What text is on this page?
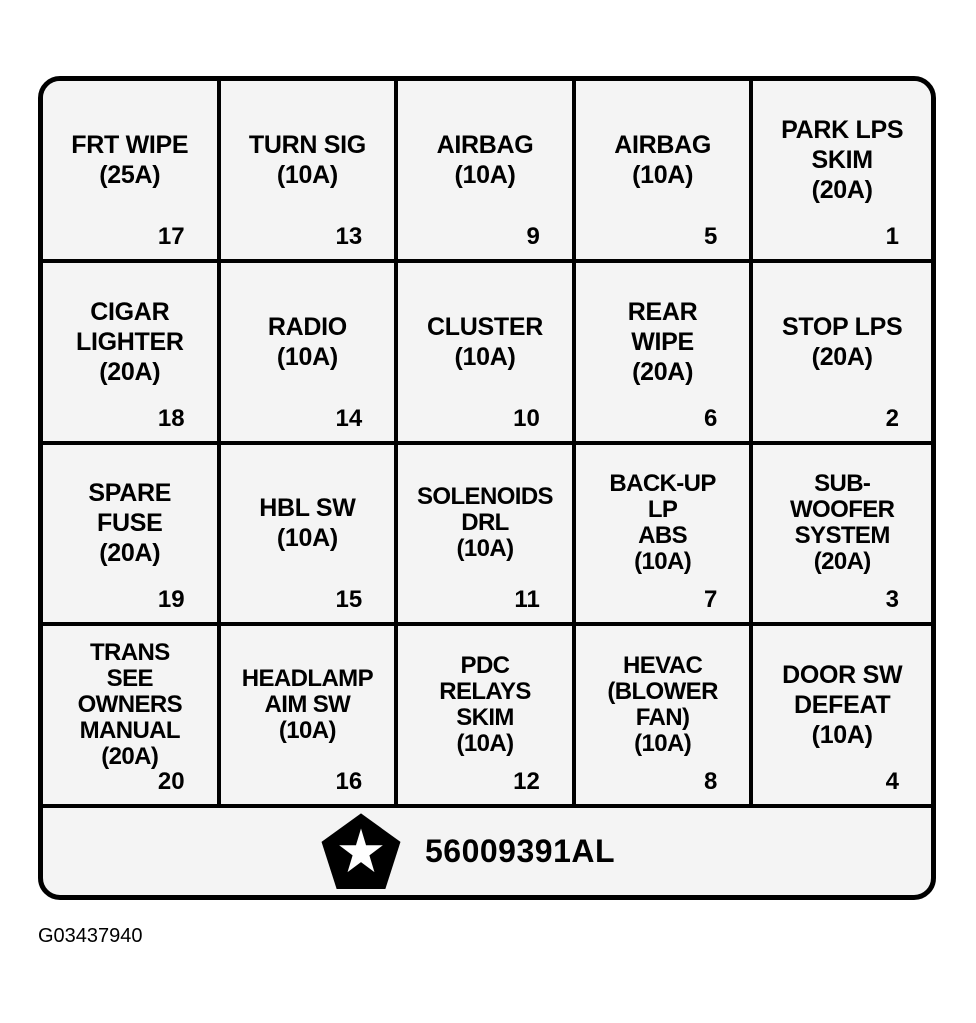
FRT WIPE
(25A)
17
TURN SIG
(10A)
13
AIRBAG
(10A)
9
AIRBAG
(10A)
5
PARK LPS
SKIM
(20A)
1
CIGAR
LIGHTER
(20A)
18
RADIO
(10A)
14
CLUSTER
(10A)
10
REAR
WIPE
(20A)
6
STOP LPS
(20A)
2
SPARE
FUSE
(20A)
19
HBL SW
(10A)
15
SOLENOIDS
DRL
(10A)
11
BACK-UP
LP
ABS
(10A)
7
SUB-
WOOFER
SYSTEM
(20A)
3
TRANS
SEE
OWNERS
MANUAL
(20A)
20
HEADLAMP
AIM SW
(10A)
16
PDC
RELAYS
SKIM
(10A)
12
HEVAC
(BLOWER
FAN)
(10A)
8
DOOR SW
DEFEAT
(10A)
4
56009391AL
G03437940
